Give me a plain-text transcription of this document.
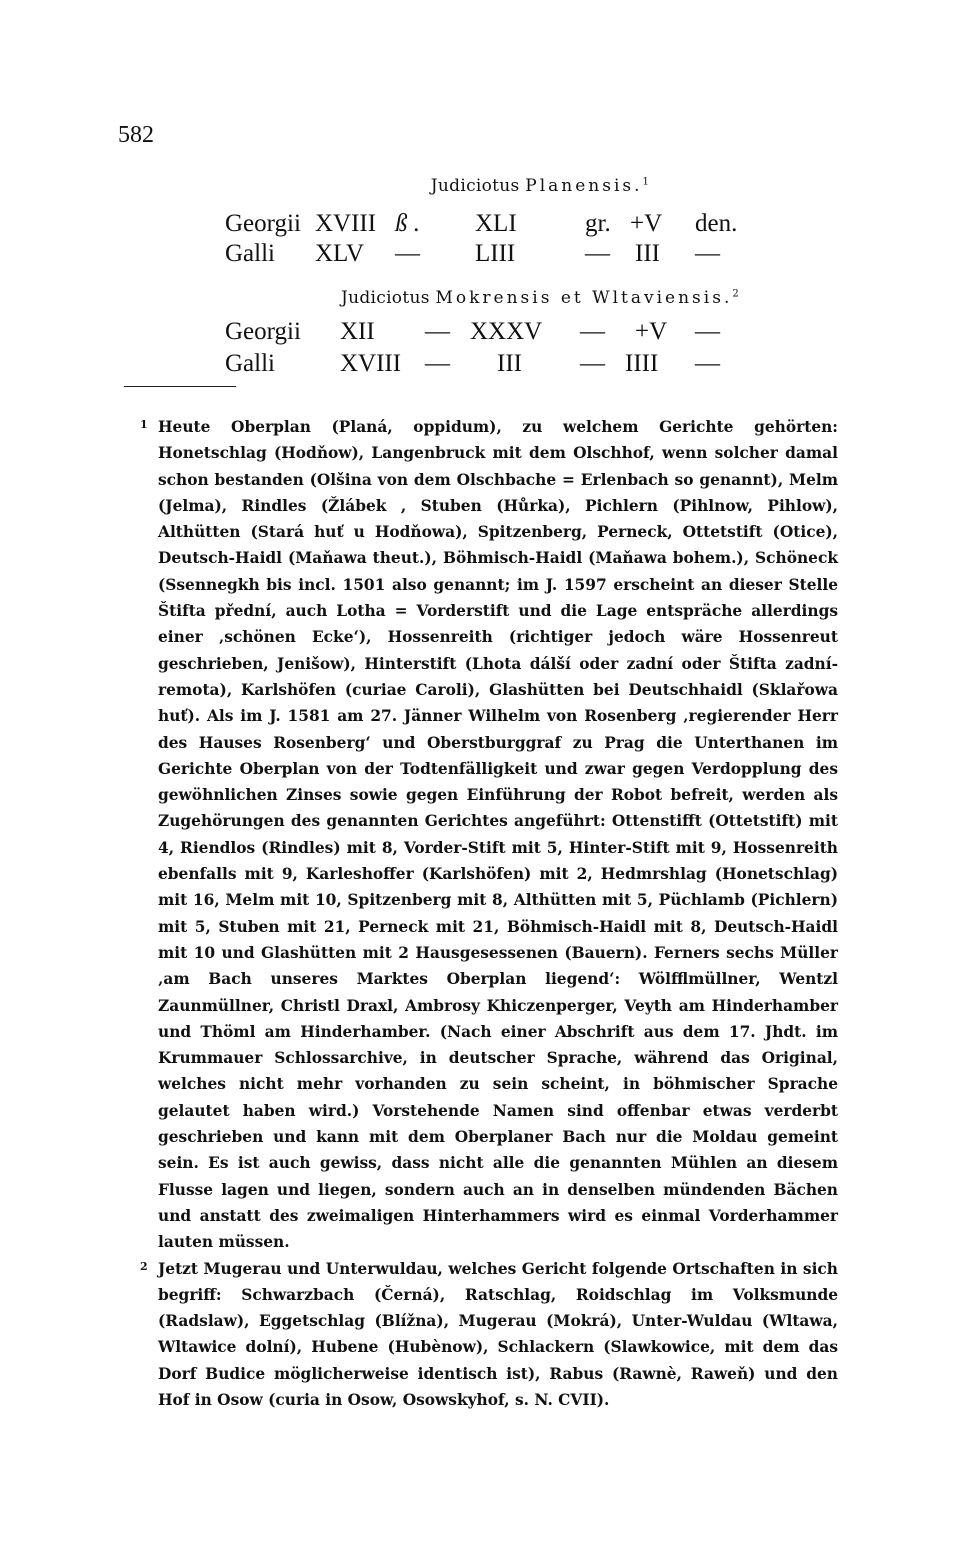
582
Judiciotus Planensis.$^1$
Georgii XVIII ß . XLI	gr. +V den.
Galli XLV — LIII	— III —
Judiciotus Mokrensis et Wltaviensis.$^2$
Georgii XII — XXXV — +V —
Galli	XVIII — III — IIII —
1 Heute Oberplan (Planá, oppidum), zu welchem Gerichte gehörten: Honetschlag (Hodňow), Langenbruck mit dem Olschhof, wenn solcher damal schon bestanden (Olšina von dem Olschbache = Erlenbach so genannt), Melm (Jelma), Rindles (Žlábek , Stuben (Hůrka), Pichlern (Pihlnow, Pihlow), Althütten (Stará huť u Hodňowa), Spitzenberg, Perneck, Ottetstift (Otice), Deutsch-Haidl (Maňawa theut.), Böhmisch-Haidl (Maňawa bohem.), Schöneck (Ssennegkh bis incl. 1501 also genannt; im J. 1597 erscheint an dieser Stelle Štifta přední, auch Lotha = Vorderstift und die Lage entspräche allerdings einer ‚schönen Ecke‘), Hossenreith (richtiger jedoch wäre Hossenreut geschrieben, Jenišow), Hinterstift (Lhota dálší oder zadní oder Štifta zadní-remota), Karlshöfen (curiae Caroli), Glashütten bei Deutschhaidl (Sklařowa huť). Als im J. 1581 am 27. Jänner Wilhelm von Rosenberg ‚regierender Herr des Hauses Rosenberg‘ und Oberstburggraf zu Prag die Unterthanen im Gerichte Oberplan von der Todtenfälligkeit und zwar gegen Verdopplung des gewöhnlichen Zinses sowie gegen Einführung der Robot befreit, werden als Zugehörungen des genannten Gerichtes angeführt: Ottenstifft (Ottetstift) mit 4, Riendlos (Rindles) mit 8, Vorder-Stift mit 5, Hinter-Stift mit 9, Hossenreith ebenfalls mit 9, Karleshoffer (Karlshöfen) mit 2, Hedmrshlag (Honetschlag) mit 16, Melm mit 10, Spitzenberg mit 8, Althütten mit 5, Püchlamb (Pichlern) mit 5, Stuben mit 21, Perneck mit 21, Böhmisch-Haidl mit 8, Deutsch-Haidl mit 10 und Glashütten mit 2 Hausgesessenen (Bauern). Ferners sechs Müller ‚am Bach unseres Marktes Oberplan liegend‘: Wölfflmüllner, Wentzl Zaunmüllner, Christl Draxl, Ambrosy Khiczenperger, Veyth am Hinderhamber und Thöml am Hinderhamber. (Nach einer Abschrift aus dem 17. Jhdt. im Krummauer Schlossarchive, in deutscher Sprache, während das Original, welches nicht mehr vorhanden zu sein scheint, in böhmischer Sprache gelautet haben wird.) Vorstehende Namen sind offenbar etwas verderbt geschrieben und kann mit dem Oberplaner Bach nur die Moldau gemeint sein. Es ist auch gewiss, dass nicht alle die genannten Mühlen an diesem Flusse lagen und liegen, sondern auch an in denselben mündenden Bächen und anstatt des zweimaligen Hinterhammers wird es einmal Vorderhammer lauten müssen.
2 Jetzt Mugerau und Unterwuldau, welches Gericht folgende Ortschaften in sich begriff: Schwarzbach (Černá), Ratschlag, Roidschlag im Volksmunde (Radslaw), Eggetschlag (Blížna), Mugerau (Mokrá), Unter-Wuldau (Wltawa, Wltawice dolní), Hubene (Hubènow), Schlackern (Slawkowice, mit dem das Dorf Budice möglicherweise identisch ist), Rabus (Rawnè, Raweň) und den Hof in Osow (curia in Osow, Osowskyhof, s. N. CVII).
